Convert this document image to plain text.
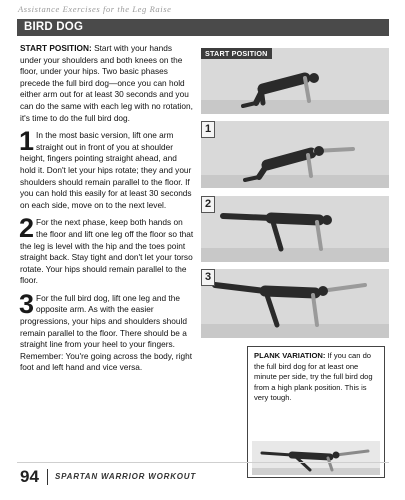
Assistance Exercises for the Leg Raise
BIRD DOG

START POSITION: Start with your hands under your shoulders and both knees on the floor, under your hips. Two basic phases precede the full bird dog—once you can hold either arm out for at least 30 seconds and you can do the same with each leg with no rotation, it's time to do the full bird dog.

1 In the most basic version, lift one arm straight out in front of you at shoulder height, fingers pointing straight ahead, and hold it. Don't let your hips rotate; they and your shoulders should remain parallel to the floor. If you can hold this easily for at least 30 seconds on each side, move on to the next level.

2 For the next phase, keep both hands on the floor and lift one leg off the floor so that the leg is level with the hip and the toes point straight back. Stay tight and don't let your torso rotate. Your hips should remain parallel to the floor.

3 For the full bird dog, lift one leg and the opposite arm. As with the easier progressions, your hips and shoulders should remain parallel to the floor. There should be a straight line from your heel to your fingers. Remember: You're going across the body, right foot and left hand and vice versa.

START POSITION
1
2
3
PLANK VARIATION: If you can do the full bird dog for at least one minute per side, try the full bird dog from a high plank position. This is very tough.
94 SPARTAN WARRIOR WORKOUT
